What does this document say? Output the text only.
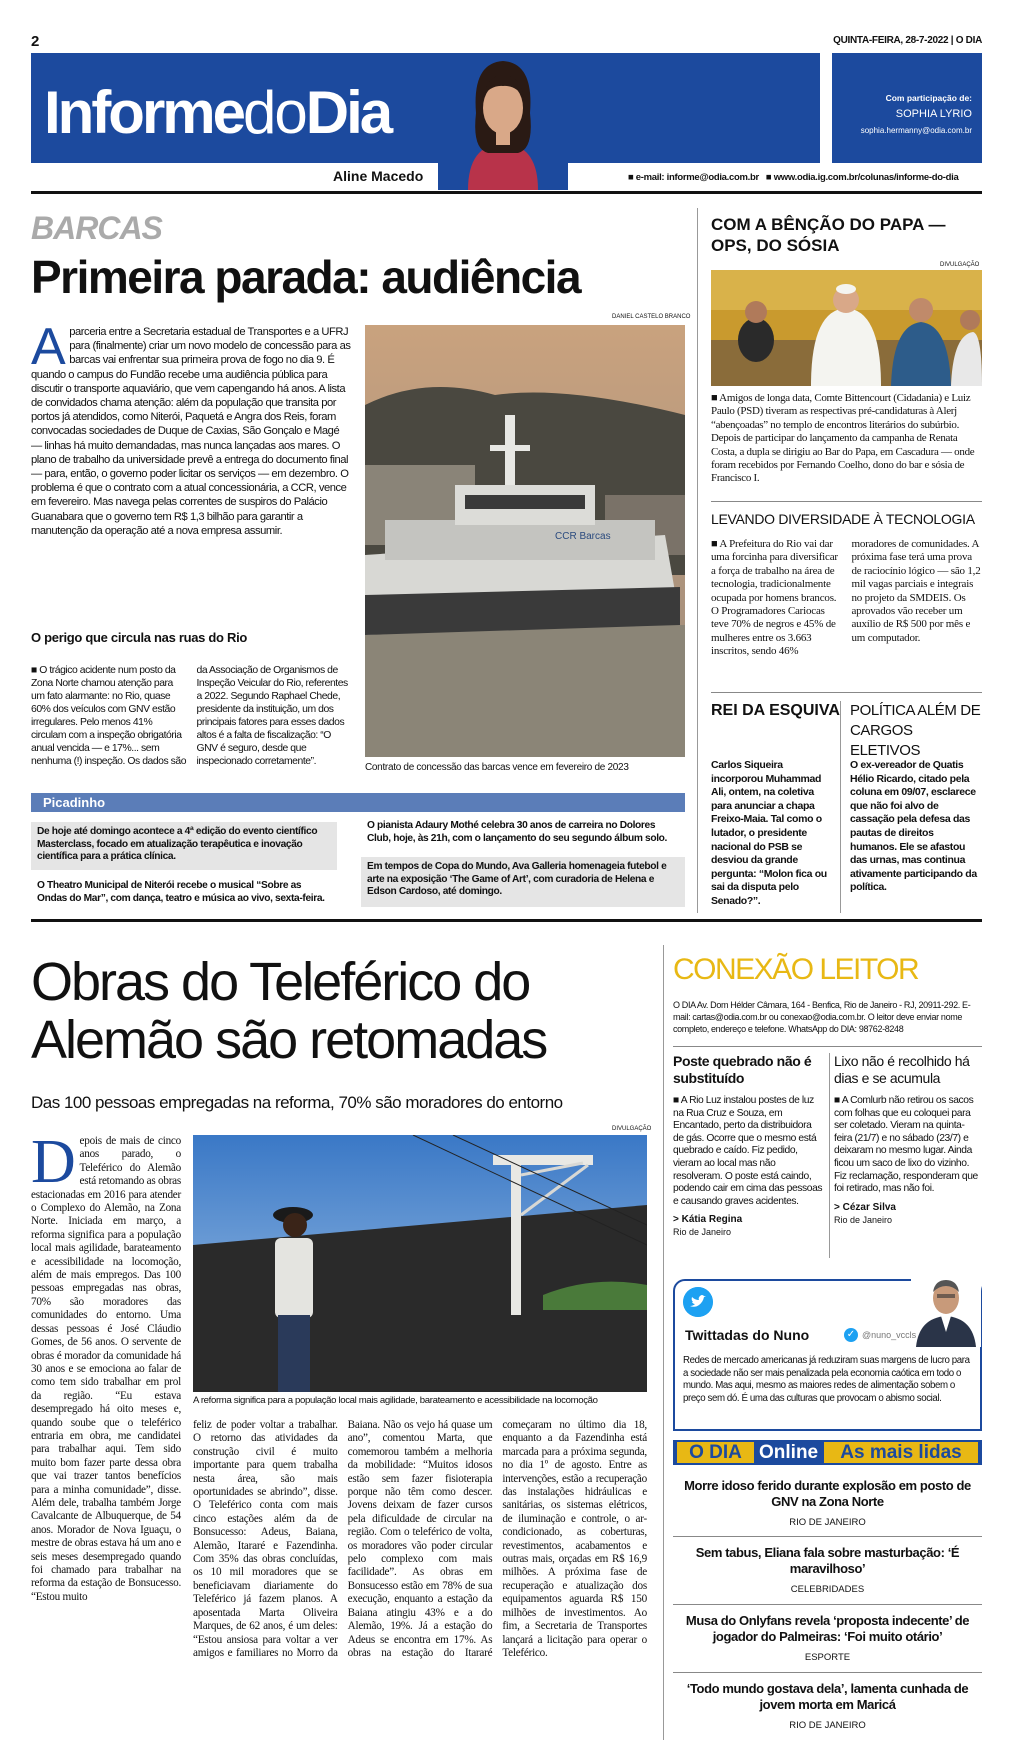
2	QUINTA-FEIRA, 28-7-2022 | O DIA
InformedoDia
Aline Macedo	■ e-mail: informe@odia.com.br ■ www.odia.ig.com.br/colunas/informe-do-dia
Com participação de:
SOPHIA LYRIO
sophia.hermanny@odia.com.br
BARCAS
Primeira parada: audiência
DANIEL CASTELO BRANCO
Aparceria entre a Secretaria estadual de Transportes e a UFRJ para (finalmente) criar um novo modelo de concessão para as barcas vai enfrentar sua primeira prova de fogo no dia 9. É quando o campus do Fundão recebe uma audiência pública para discutir o transporte aquaviário, que vem capengando há anos. A lista de convidados chama atenção: além da população que transita por portos já atendidos, como Niterói, Paquetá e Angra dos Reis, foram convocadas sociedades de Duque de Caxias, São Gonçalo e Magé — linhas há muito demandadas, mas nunca lançadas aos mares. O plano de trabalho da universidade prevê a entrega do documento final — para, então, o governo poder licitar os serviços — em dezembro. O problema é que o contrato com a atual concessionária, a CCR, vence em fevereiro. Mas navega pelas correntes de suspiros do Palácio Guanabara que o governo tem R$ 1,3 bilhão para garantir a manutenção da operação até a nova empresa assumir.
O perigo que circula nas ruas do Rio
■ O trágico acidente num posto da Zona Norte chamou atenção para um fato alarmante: no Rio, quase 60% dos veículos com GNV estão irregulares. Pelo menos 41% circulam com a inspeção obrigatória anual vencida — e 17%... sem nenhuma (!) inspeção. Os dados são da Associação de Organismos de Inspeção Veicular do Rio, referentes a 2022. Segundo Raphael Chede, presidente da instituição, um dos principais fatores para esses dados altos é a falta de fiscalização: “O GNV é seguro, desde que inspecionado corretamente”.
CCR Barcas
Contrato de concessão das barcas vence em fevereiro de 2023
Picadinho
De hoje até domingo acontece a 4ª edição do evento científico Masterclass, focado em atualização terapêutica e inovação científica para a prática clínica.
O Theatro Municipal de Niterói recebe o musical “Sobre as Ondas do Mar”, com dança, teatro e música ao vivo, sexta-feira.
O pianista Adaury Mothé celebra 30 anos de carreira no Dolores Club, hoje, às 21h, com o lançamento do seu segundo álbum solo.
Em tempos de Copa do Mundo, Ava Galleria homenageia futebol e arte na exposição ‘The Game of Art’, com curadoria de Helena e Edson Cardoso, até domingo.
COM A BÊNÇÃO DO PAPA — OPS, DO SÓSIA
DIVULGAÇÃO
■ Amigos de longa data, Comte Bittencourt (Cidadania) e Luiz Paulo (PSD) tiveram as respectivas pré-candidaturas à Alerj “abençoadas” no templo de encontros literários do subúrbio. Depois de participar do lançamento da campanha de Renata Costa, a dupla se dirigiu ao Bar do Papa, em Cascadura — onde foram recebidos por Fernando Coelho, dono do bar e sósia de Francisco I.
LEVANDO DIVERSIDADE À TECNOLOGIA
■ A Prefeitura do Rio vai dar uma forcinha para diversificar a força de trabalho na área de tecnologia, tradicionalmente ocupada por homens brancos. O Programadores Cariocas teve 70% de negros e 45% de mulheres entre os 3.663 inscritos, sendo 46% moradores de comunidades. A próxima fase terá uma prova de raciocínio lógico — são 1,2 mil vagas parciais e integrais no projeto da SMDEIS. Os aprovados vão receber um auxílio de R$ 500 por mês e um computador.
REI DA ESQUIVA
Carlos Siqueira incorporou Muhammad Ali, ontem, na coletiva para anunciar a chapa Freixo-Maia. Tal como o lutador, o presidente nacional do PSB se desviou da grande pergunta: “Molon fica ou sai da disputa pelo Senado?”.
POLÍTICA ALÉM DE CARGOS ELETIVOS
O ex-vereador de Quatis Hélio Ricardo, citado pela coluna em 09/07, esclarece que não foi alvo de cassação pela defesa das pautas de direitos humanos. Ele se afastou das urnas, mas continua ativamente participando da política.
Obras do Teleférico do Alemão são retomadas
Das 100 pessoas empregadas na reforma, 70% são moradores do entorno
DIVULGAÇÃO
A reforma significa para a população local mais agilidade, barateamento e acessibilidade na locomoção
Depois de mais de cinco anos parado, o Teleférico do Alemão está retomando as obras estacionadas em 2016 para atender o Complexo do Alemão, na Zona Norte. Iniciada em março, a reforma significa para a população local mais agilidade, barateamento e acessibilidade na locomoção, além de mais empregos. Das 100 pessoas empregadas nas obras, 70% são moradores das comunidades do entorno. Uma dessas pessoas é José Cláudio Gomes, de 56 anos. O servente de obras é morador da comunidade há 30 anos e se emociona ao falar de como tem sido trabalhar em prol da região. “Eu estava desempregado há oito meses e, quando soube que o teleférico entraria em obra, me candidatei para trabalhar aqui. Tem sido muito bom fazer parte dessa obra que vai trazer tantos benefícios para a minha comunidade”, disse. Além dele, trabalha também Jorge Cavalcante de Albuquerque, de 54 anos. Morador de Nova Iguaçu, o mestre de obras estava há um ano e seis meses desempregado quando foi chamado para trabalhar na reforma da estação de Bonsucesso. “Estou muito
feliz de poder voltar a trabalhar. O retorno das atividades da construção civil é muito importante para quem trabalha nesta área, são mais oportunidades se abrindo”, disse. O Teleférico conta com mais cinco estações além da de Bonsucesso: Adeus, Baiana, Alemão, Itararé e Fazendinha. Com 35% das obras concluídas, os 10 mil moradores que se beneficiavam diariamente do Teleférico já fazem planos. A aposentada Marta Oliveira Marques, de 62 anos, é um deles: “Estou ansiosa para voltar a ver amigos e familiares no Morro da Baiana. Não os vejo há quase um ano”, comentou Marta, que comemorou também a melhoria da mobilidade: “Muitos idosos estão sem fazer fisioterapia porque não têm como descer. Jovens deixam de fazer cursos pela dificuldade de circular na região. Com o teleférico de volta, os moradores vão poder circular pelo complexo com mais facilidade”. As obras em Bonsucesso estão em 78% de sua execução, enquanto a estação da Baiana atingiu 43% e a do Alemão, 19%. Já a estação do Adeus se encontra em 17%. As obras na estação do Itararé começaram no último dia 18, enquanto a da Fazendinha está marcada para a próxima segunda, no dia 1º de agosto. Entre as intervenções, estão a recuperação das instalações hidráulicas e sanitárias, os sistemas elétricos, de iluminação e controle, o ar-condicionado, as coberturas, revestimentos, acabamentos e outras mais, orçadas em R$ 16,9 milhões. A próxima fase de recuperação e atualização dos equipamentos aguarda R$ 150 milhões de investimentos. Ao fim, a Secretaria de Transportes lançará a licitação para operar o Teleférico.
CONEXÃO LEITOR
O DIA Av. Dom Hélder Câmara, 164 - Benfica, Rio de Janeiro - RJ, 20911-292. E-mail: cartas@odia.com.br ou conexao@odia.com.br. O leitor deve enviar nome completo, endereço e telefone. WhatsApp do DIA: 98762-8248
Poste quebrado não é substituído
■ A Rio Luz instalou postes de luz na Rua Cruz e Souza, em Encantado, perto da distribuidora de gás. Ocorre que o mesmo está quebrado e caído. Fiz pedido, vieram ao local mas não resolveram. O poste está caindo, podendo cair em cima das pessoas e causando graves acidentes.
> Kátia Regina
Rio de Janeiro
Lixo não é recolhido há dias e se acumula
■ A Comlurb não retirou os sacos com folhas que eu coloquei para ser coletado. Vieram na quinta-feira (21/7) e no sábado (23/7) e deixaram no mesmo lugar. Ainda ficou um saco de lixo do vizinho. Fiz reclamação, responderam que foi retirado, mas não foi.
> Cézar Silva
Rio de Janeiro
Twittadas do Nuno	✓ @nuno_vccls
Redes de mercado americanas já reduziram suas margens de lucro para a sociedade não ser mais penalizada pela economia caótica em todo o mundo. Mas aqui, mesmo as maiores redes de alimentação sobem o preço sem dó. É uma das culturas que provocam o abismo social.
O DIA Online	As mais lidas
Morre idoso ferido durante explosão em posto de GNV na Zona Norte
RIO DE JANEIRO
Sem tabus, Eliana fala sobre masturbação: ‘É maravilhoso’
CELEBRIDADES
Musa do Onlyfans revela ‘proposta indecente’ de jogador do Palmeiras: ‘Foi muito otário’
ESPORTE
‘Todo mundo gostava dela’, lamenta cunhada de jovem morta em Maricá
RIO DE JANEIRO
